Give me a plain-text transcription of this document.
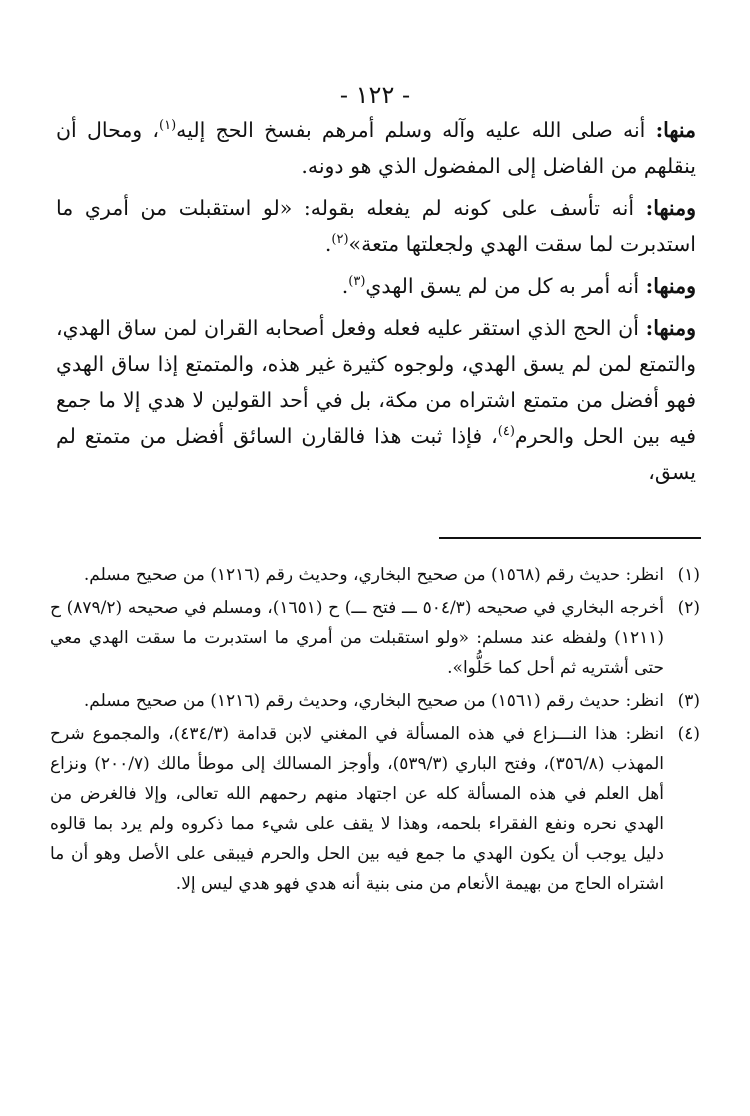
- ١٢٢ -

منها: أنه صلى الله عليه وآله وسلم أمرهم بفسخ الحج إليه$^{(١)}$، ومحال أن ينقلهم من الفاضل إلى المفضول الذي هو دونه.

ومنها: أنه تأسف على كونه لم يفعله بقوله: «لو استقبلت من أمري ما استدبرت لما سقت الهدي ولجعلتها متعة»$^{(٢)}$.

ومنها: أنه أمر به كل من لم يسق الهدي$^{(٣)}$.

ومنها: أن الحج الذي استقر عليه فعله وفعل أصحابه القران لمن ساق الهدي، والتمتع لمن لم يسق الهدي، ولوجوه كثيرة غير هذه، والمتمتع إذا ساق الهدي فهو أفضل من متمتع اشتراه من مكة، بل في أحد القولين لا هدي إلا ما جمع فيه بين الحل والحرم$^{(٤)}$، فإذا ثبت هذا فالقارن السائق أفضل من متمتع لم يسق،

(١)
انظر: حديث رقم (١٥٦٨) من صحيح البخاري، وحديث رقم (١٢١٦) من صحيح مسلم.
(٢)
أخرجه البخاري في صحيحه (٥٠٤/٣ ـــ فتح ـــ) ح (١٦٥١)، ومسلم في صحيحه (٨٧٩/٢) ح (١٢١١) ولفظه عند مسلم: «ولو استقبلت من أمري ما استدبرت ما سقت الهدي معي حتى أشتريه ثم أحل كما حَلُّوا».
(٣)
انظر: حديث رقم (١٥٦١) من صحيح البخاري، وحديث رقم (١٢١٦) من صحيح مسلم.
(٤)
انظر: هذا النـــزاع في هذه المسألة في المغني لابن قدامة (٤٣٤/٣)، والمجموع شرح المهذب (٣٥٦/٨)، وفتح الباري (٥٣٩/٣)، وأوجز المسالك إلى موطأ مالك (٢٠٠/٧) ونزاع أهل العلم في هذه المسألة كله عن اجتهاد منهم رحمهم الله تعالى، وإلا فالغرض من الهدي نحره ونفع الفقراء بلحمه، وهذا لا يقف على شيء مما ذكروه ولم يرد بما قالوه دليل يوجب أن يكون الهدي ما جمع فيه بين الحل والحرم فيبقى على الأصل وهو أن ما اشتراه الحاج من بهيمة الأنعام من منى بنية أنه هدي فهو هدي ليس إلا.
